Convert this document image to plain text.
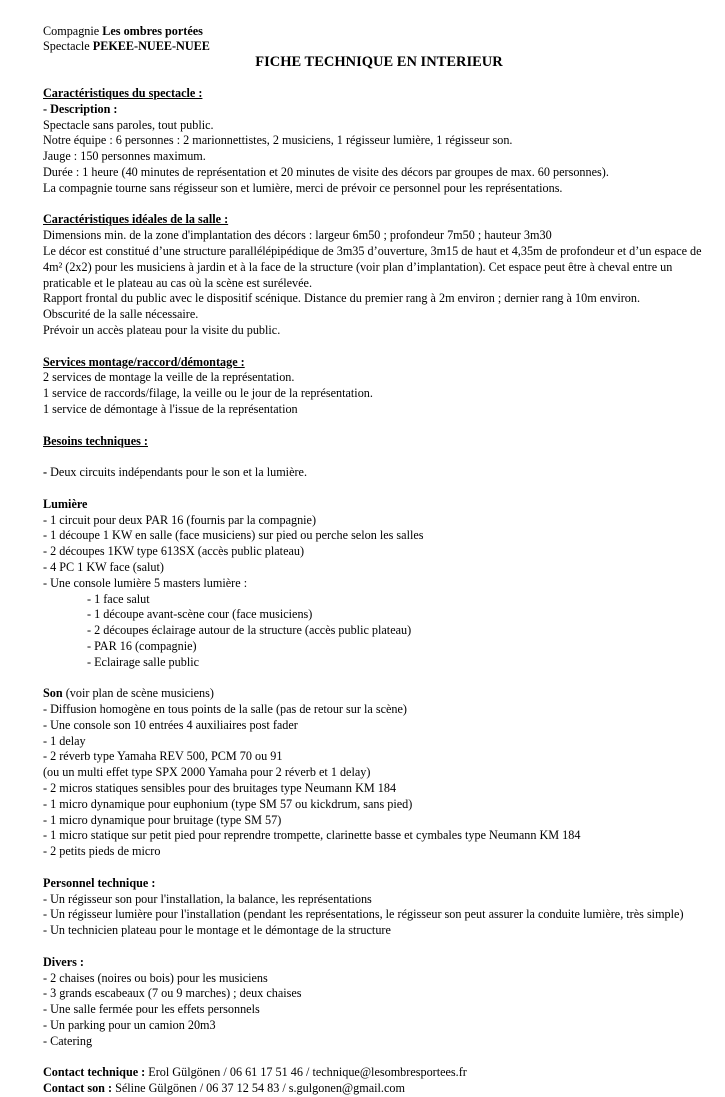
Compagnie Les ombres portées
Spectacle PEKEE-NUEE-NUEE
FICHE TECHNIQUE EN INTERIEUR

Caractéristiques du spectacle :

- Description :

Spectacle sans paroles, tout public.

Notre équipe : 6 personnes : 2 marionnettistes, 2 musiciens, 1 régisseur lumière, 1 régisseur son.

Jauge : 150 personnes maximum.

Durée : 1 heure (40 minutes de représentation et 20 minutes de visite des décors par groupes de max. 60 personnes).

La compagnie tourne sans régisseur son et lumière, merci de prévoir ce personnel pour les représentations.

Caractéristiques idéales de la salle :

Dimensions min. de la zone d'implantation des décors : largeur 6m50 ; profondeur 7m50 ; hauteur 3m30

Le décor est constitué d’une structure parallélépipédique de 3m35 d’ouverture, 3m15 de haut et 4,35m de profondeur et d’un espace de

4m² (2x2) pour les musiciens à jardin et à la face de la structure (voir plan d’implantation). Cet espace peut être à cheval entre un

praticable et le plateau au cas où la scène est surélevée.

Rapport frontal du public avec le dispositif scénique. Distance du premier rang à 2m environ ; dernier rang à 10m environ.

Obscurité de la salle nécessaire.

Prévoir un accès plateau pour la visite du public.

Services montage/raccord/démontage :

2 services de montage la veille de la représentation.

1 service de raccords/filage, la veille ou le jour de la représentation.

1 service de démontage à l'issue de la représentation

Besoins techniques :

- Deux circuits indépendants pour le son et la lumière.

Lumière

- 1 circuit pour deux PAR 16 (fournis par la compagnie)

- 1 découpe 1 KW en salle (face musiciens) sur pied ou perche selon les salles

- 2 découpes 1KW type 613SX (accès public plateau)

- 4 PC 1 KW face (salut)

- Une console lumière 5 masters lumière :

- 1 face salut

- 1 découpe avant-scène cour (face musiciens)

- 2 découpes éclairage autour de la structure (accès public plateau)

- PAR 16 (compagnie)

- Eclairage salle public

Son (voir plan de scène musiciens)

- Diffusion homogène en tous points de la salle (pas de retour sur la scène)

- Une console son 10 entrées 4 auxiliaires post fader

- 1 delay

- 2 réverb type Yamaha REV 500, PCM 70 ou 91

(ou un multi effet type SPX 2000 Yamaha pour 2 réverb et 1 delay)

- 2 micros statiques sensibles pour des bruitages type Neumann KM 184

- 1 micro dynamique pour euphonium (type SM 57 ou kickdrum, sans pied)

- 1 micro dynamique pour bruitage (type SM 57)

- 1 micro statique sur petit pied pour reprendre trompette, clarinette basse et cymbales type Neumann KM 184

- 2 petits pieds de micro

Personnel technique :

- Un régisseur son pour l'installation, la balance, les représentations

- Un régisseur lumière pour l'installation (pendant les représentations, le régisseur son peut assurer la conduite lumière, très simple)

- Un technicien plateau pour le montage et le démontage de la structure

Divers :

- 2 chaises (noires ou bois) pour les musiciens

- 3 grands escabeaux (7 ou 9 marches) ; deux chaises

- Une salle fermée pour les effets personnels

- Un parking pour un camion 20m3

- Catering

Contact technique : Erol Gülgönen / 06 61 17 51 46 / technique@lesombresportees.fr

Contact son : Séline Gülgönen / 06 37 12 54 83 / s.gulgonen@gmail.com
